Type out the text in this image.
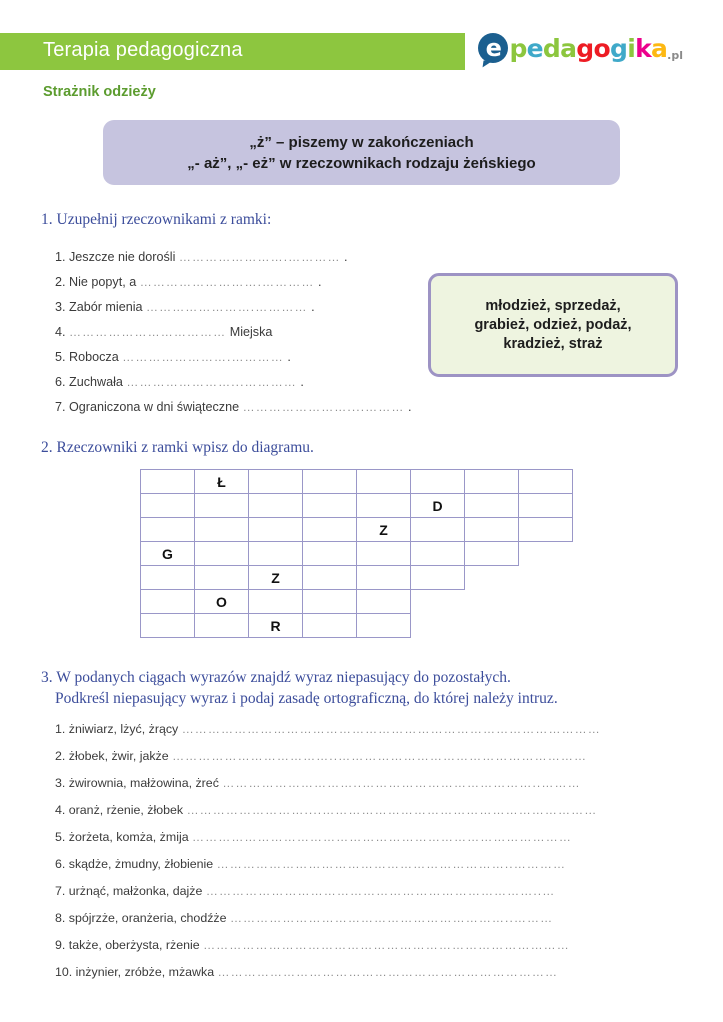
Terapia pedagogiczna	e pedagogika .pl
Strażnik odzieży
„ż” – piszemy w zakończeniach
„- aż”, „- eż” w rzeczownikach rodzaju żeńskiego
1. Uzupełnij rzeczownikami z ramki:
1. Jeszcze nie dorośli …………………….………… .
2. Nie popyt, a ……………………….………… .
3. Zabór mienia …………………….………… .
4. ……………………………… Miejska
5. Robocza …………………….………… .
6. Zuchwała ……………………...………… .
7. Ograniczona w dni świąteczne ……………………....……… .
młodzież, sprzedaż,
grabież, odzież, podaż,
kradzież, straż
2. Rzeczowniki z ramki wpisz do diagramu.
Ł
D
Z
G
Z
O
R
3. W podanych ciągach wyrazów znajdź wyraz niepasujący do pozostałych.
Podkreśl niepasujący wyraz i podaj zasadę ortograficzną, do której należy intruz.
1. żniwiarz, lżyć, żrący ……………………………………………………………………………………
2. żłobek, żwir, jakże ………………………………..…………………………………………………
3. żwirownia, małżowina, żreć …………………………..…………………………………..………
4. oranż, rżenie, żłobek ………………………....………………………………………………………
5. żorżeta, komża, żmija ……………………………………………………………………………
6. skądże, żmudny, żłobienie …………………………………………………………..…………
7. urżnąć, małżonka, dajże …………………………………………………………………..…
8. spójrzże, oranżeria, chodźże ………………………………………………………..………
9. także, oberżysta, rżenie …………………………………………………………………………
10. inżynier, zróbże, mżawka ……………………………………………………………………
